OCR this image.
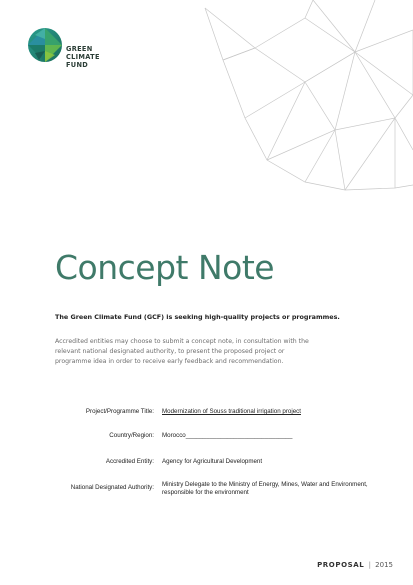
GREEN
CLIMATE
FUND
Concept Note
The Green Climate Fund (GCF) is seeking high-quality projects or programmes.
Accredited entities may choose to submit a concept note, in consultation with the
relevant national designated authority, to present the proposed project or
programme idea in order to receive early feedback and recommendation.
Project/Programme Title: Modernization of Souss traditional irrigation project
Country/Region: Morocco_______________________________
Accredited Entity: Agency for Agricultural Development
National Designated Authority: Ministry Delegate to the Ministry of Energy, Mines, Water and Environment, responsible for the environment
PROPOSAL | 2015
